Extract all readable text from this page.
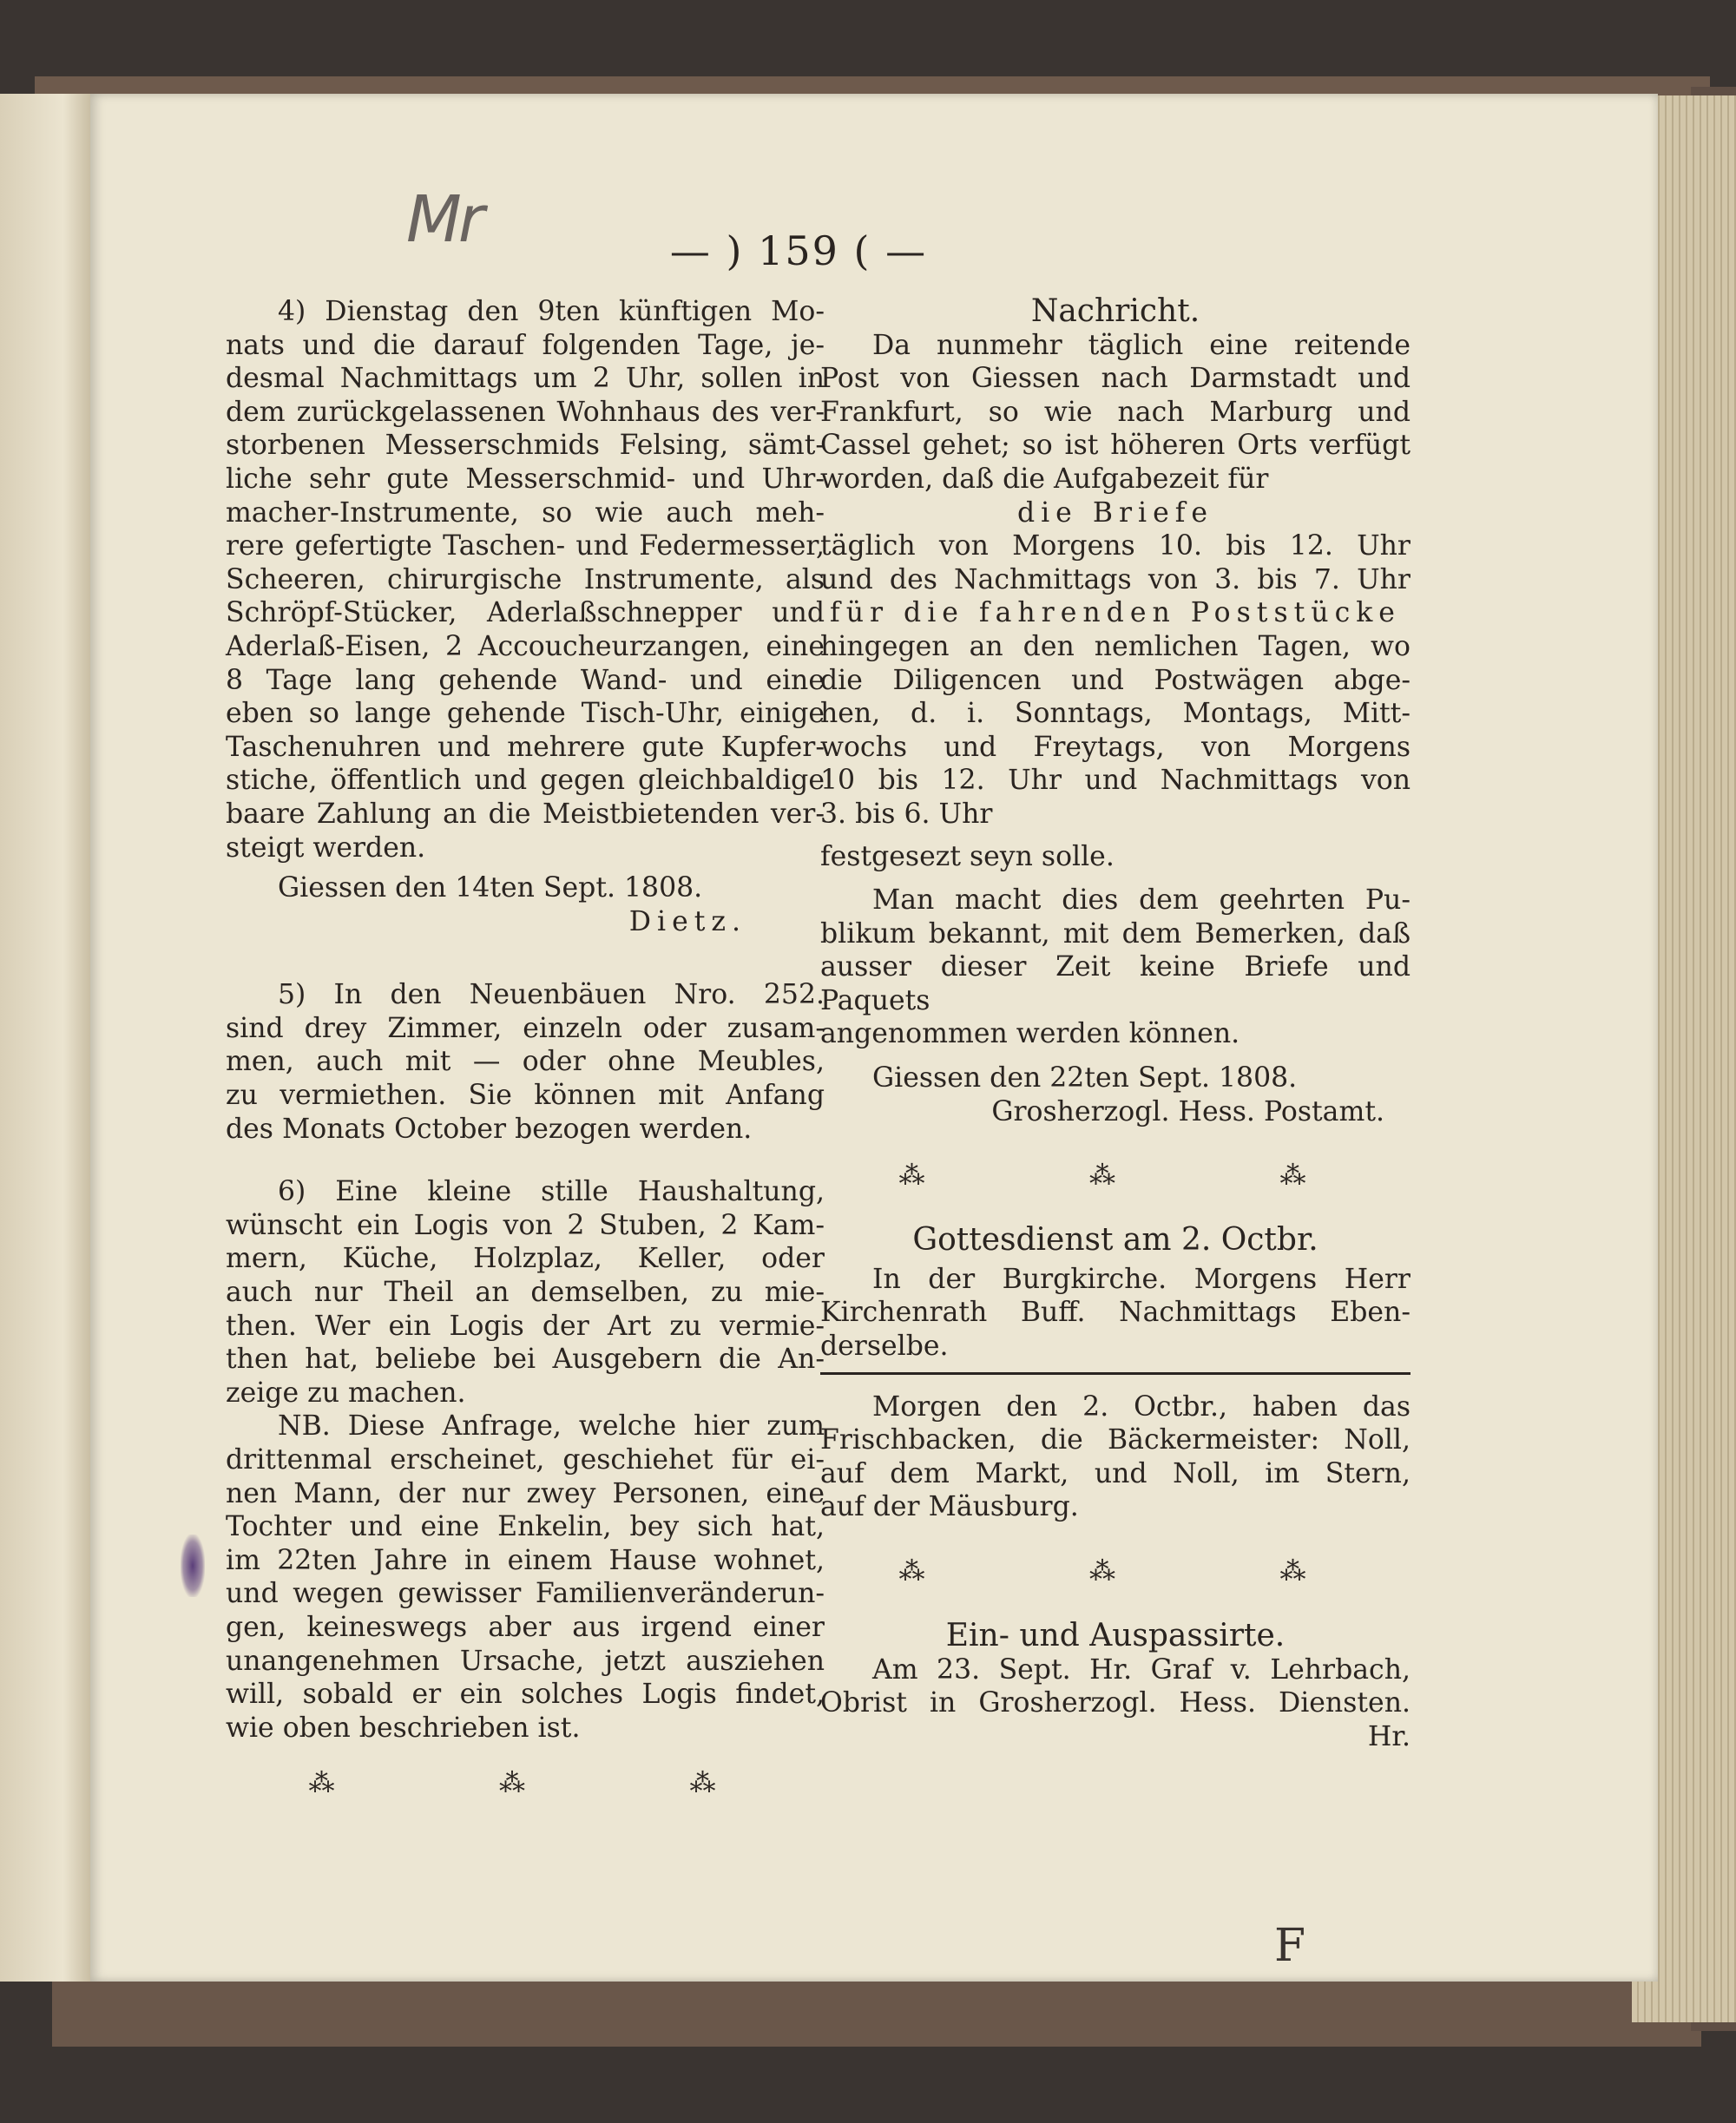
Mr	— ) 159 ( —

4) Dienstag den 9ten künftigen Mo-

nats und die darauf folgenden Tage, je-

desmal Nachmittags um 2 Uhr, sollen in

dem zurückgelassenen Wohnhaus des ver-

storbenen Messerschmids Felsing, sämt-

liche sehr gute Messerschmid- und Uhr-

macher-Instrumente, so wie auch meh-

rere gefertigte Taschen- und Federmesser,

Scheeren, chirurgische Instrumente, als

Schröpf-Stücker, Aderlaßschnepper und

Aderlaß-Eisen, 2 Accoucheurzangen, eine

8 Tage lang gehende Wand- und eine

eben so lange gehende Tisch-Uhr, einige

Taschenuhren und mehrere gute Kupfer-

stiche, öffentlich und gegen gleichbaldige

baare Zahlung an die Meistbietenden ver-

steigt werden.

Giessen den 14ten Sept. 1808.

Dietz.

5) In den Neuenbäuen Nro. 252.

sind drey Zimmer, einzeln oder zusam-

men, auch mit — oder ohne Meubles,

zu vermiethen. Sie können mit Anfang

des Monats October bezogen werden.

6) Eine kleine stille Haushaltung,

wünscht ein Logis von 2 Stuben, 2 Kam-

mern, Küche, Holzplaz, Keller, oder

auch nur Theil an demselben, zu mie-

then. Wer ein Logis der Art zu vermie-

then hat, beliebe bei Ausgebern die An-

zeige zu machen.

NB. Diese Anfrage, welche hier zum

drittenmal erscheinet, geschiehet für ei-

nen Mann, der nur zwey Personen, eine

Tochter und eine Enkelin, bey sich hat,

im 22ten Jahre in einem Hause wohnet,

und wegen gewisser Familienveränderun-

gen, keineswegs aber aus irgend einer

unangenehmen Ursache, jetzt ausziehen

will, sobald er ein solches Logis findet,

wie oben beschrieben ist.

⁂ ⁂ ⁂

Nachricht.

Da nunmehr täglich eine reitende

Post von Giessen nach Darmstadt und

Frankfurt, so wie nach Marburg und

Cassel gehet; so ist höheren Orts verfügt

worden, daß die Aufgabezeit für

die Briefe

täglich von Morgens 10. bis 12. Uhr

und des Nachmittags von 3. bis 7. Uhr

für die fahrenden Poststücke

hingegen an den nemlichen Tagen, wo

die Diligencen und Postwägen abge-

hen, d. i. Sonntags, Montags, Mitt-

wochs und Freytags, von Morgens

10 bis 12. Uhr und Nachmittags von

3. bis 6. Uhr

festgesezt seyn solle.

Man macht dies dem geehrten Pu-

blikum bekannt, mit dem Bemerken, daß

ausser dieser Zeit keine Briefe und Paquets

angenommen werden können.

Giessen den 22ten Sept. 1808.

Grosherzogl. Hess. Postamt.

⁂ ⁂ ⁂

Gottesdienst am 2. Octbr.

In der Burgkirche. Morgens Herr

Kirchenrath Buff. Nachmittags Eben-

derselbe.

Morgen den 2. Octbr., haben das

Frischbacken, die Bäckermeister: Noll,

auf dem Markt, und Noll, im Stern,

auf der Mäusburg.

⁂ ⁂ ⁂

Ein- und Auspassirte.

Am 23. Sept. Hr. Graf v. Lehrbach,

Obrist in Grosherzogl. Hess. Diensten.

Hr.

F
